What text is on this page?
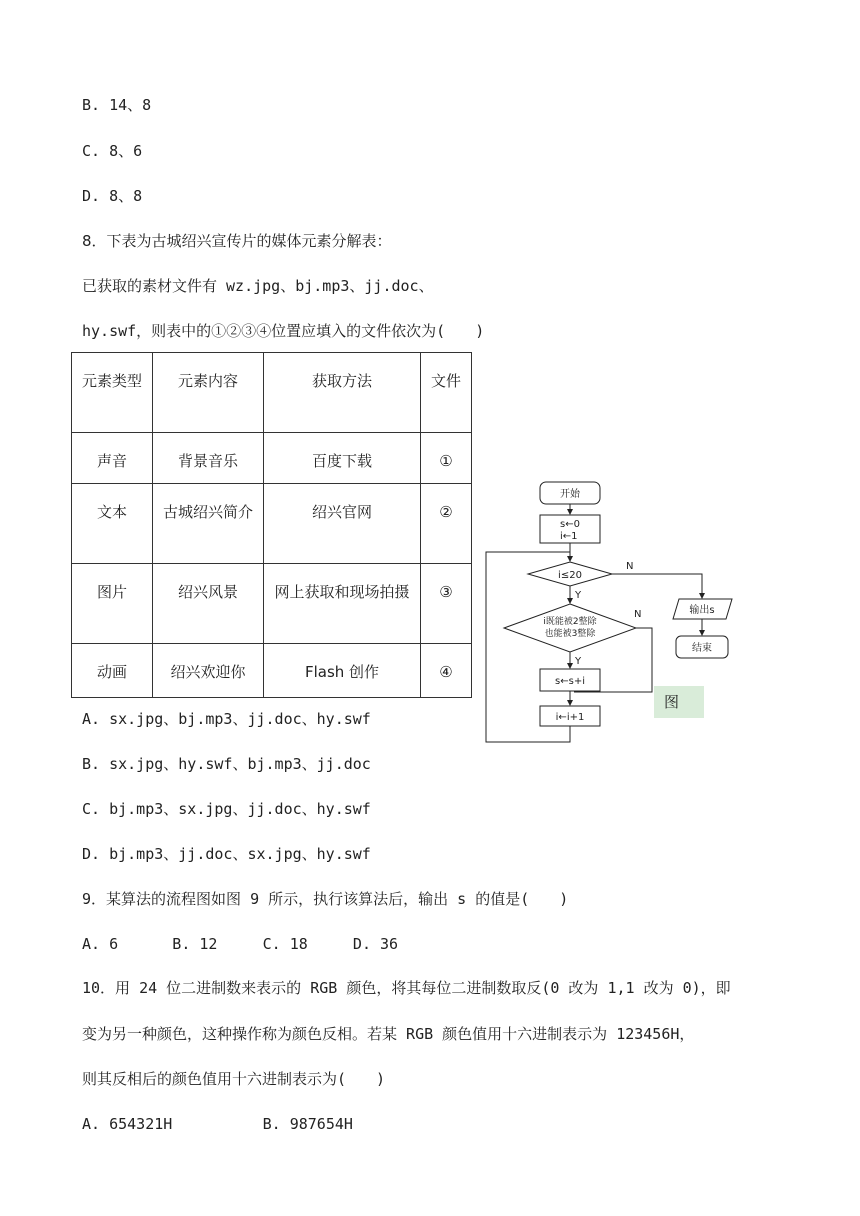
B. 14、8
C. 8、6
D. 8、8
8．下表为古城绍兴宣传片的媒体元素分解表：
已获取的素材文件有 wz.jpg、bj.mp3、jj.doc、
hy.swf，则表中的①②③④位置应填入的文件依次为(　　)
元素类型	元素内容	获取方法	文件
声音	背景音乐	百度下载	①
文本	古城绍兴简介	绍兴官网	②
图片	绍兴风景	网上获取和现场拍摄	③
动画	绍兴欢迎你	Flash 创作	④
A. sx.jpg、bj.mp3、jj.doc、hy.swf
B. sx.jpg、hy.swf、bj.mp3、jj.doc
C. bj.mp3、sx.jpg、jj.doc、hy.swf
D. bj.mp3、jj.doc、sx.jpg、hy.swf
开始
s←0
i←1
i≤20
N
Y
i既能被2整除
也能被3整除
N
Y
s←s+i
i←i+1
输出s
结束
图
9．某算法的流程图如图 9 所示，执行该算法后，输出 s 的值是(　　)
A. 6      B. 12     C. 18     D. 36
10．用 24 位二进制数来表示的 RGB 颜色，将其每位二进制数取反(0 改为 1,1 改为 0)，即
变为另一种颜色，这种操作称为颜色反相。若某 RGB 颜色值用十六进制表示为 123456H，
则其反相后的颜色值用十六进制表示为(　　)
A. 654321H          B. 987654H
